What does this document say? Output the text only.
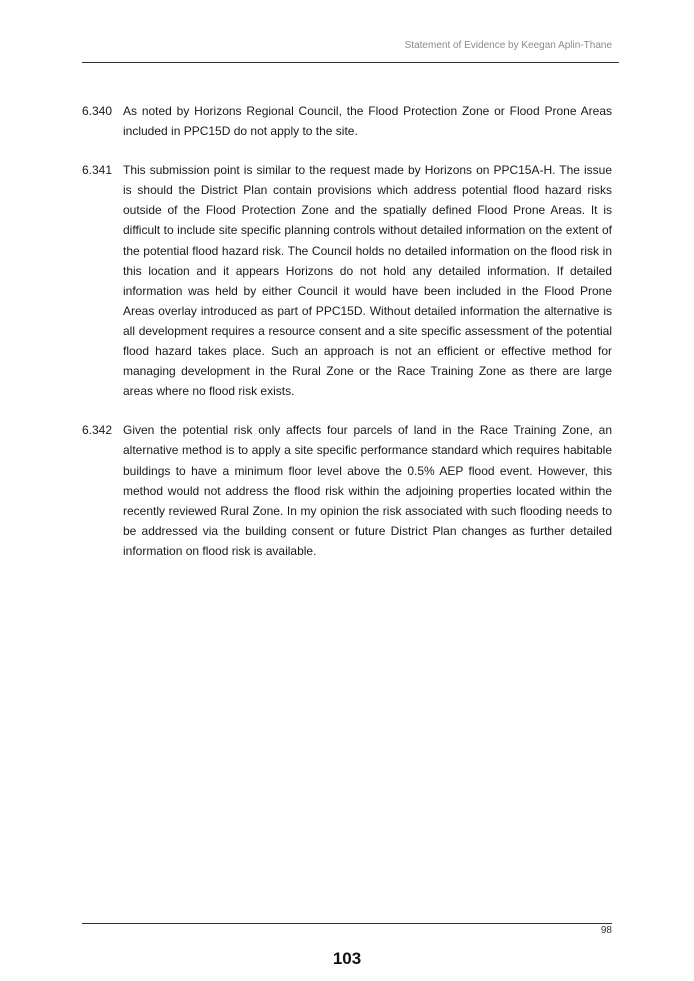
Statement of Evidence by Keegan Aplin-Thane
6.340 As noted by Horizons Regional Council, the Flood Protection Zone or Flood Prone Areas included in PPC15D do not apply to the site.
6.341 This submission point is similar to the request made by Horizons on PPC15A-H. The issue is should the District Plan contain provisions which address potential flood hazard risks outside of the Flood Protection Zone and the spatially defined Flood Prone Areas. It is difficult to include site specific planning controls without detailed information on the extent of the potential flood hazard risk. The Council holds no detailed information on the flood risk in this location and it appears Horizons do not hold any detailed information. If detailed information was held by either Council it would have been included in the Flood Prone Areas overlay introduced as part of PPC15D. Without detailed information the alternative is all development requires a resource consent and a site specific assessment of the potential flood hazard takes place. Such an approach is not an efficient or effective method for managing development in the Rural Zone or the Race Training Zone as there are large areas where no flood risk exists.
6.342 Given the potential risk only affects four parcels of land in the Race Training Zone, an alternative method is to apply a site specific performance standard which requires habitable buildings to have a minimum floor level above the 0.5% AEP flood event. However, this method would not address the flood risk within the adjoining properties located within the recently reviewed Rural Zone. In my opinion the risk associated with such flooding needs to be addressed via the building consent or future District Plan changes as further detailed information on flood risk is available.
98
103
